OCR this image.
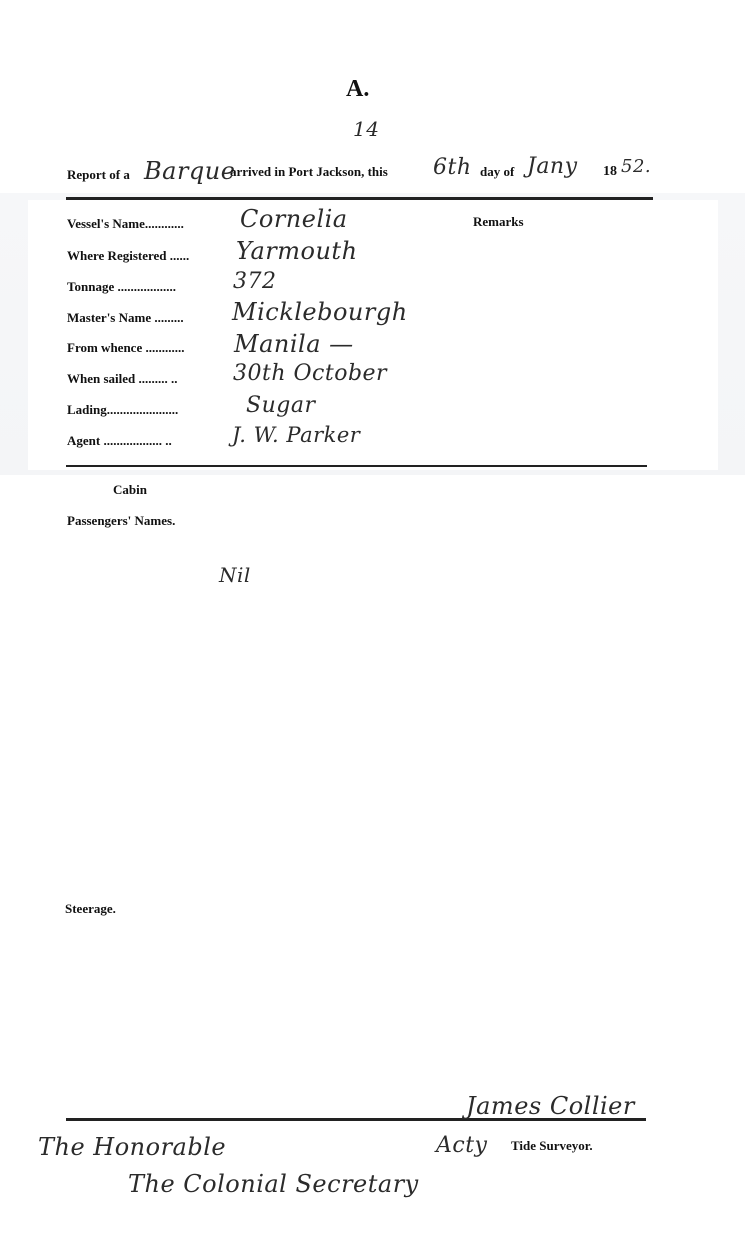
A.
14
Report of a Barque
arrived in Port Jackson, this 6th day of Jany 18 52.
Vessel's Name............ Cornelia
Where Registered ...... Yarmouth
Tonnage ..................	372
Master's Name ......... Micklebourgh
From whence ............ Manila —
When sailed ......... ..	30th October
Lading......................	Sugar
Agent .................. ..	J. W. Parker
Remarks
Cabin
Passengers' Names.
Nil
Steerage.
James Collier
Acty Tide Surveyor.
The Honorable
The Colonial Secretary
